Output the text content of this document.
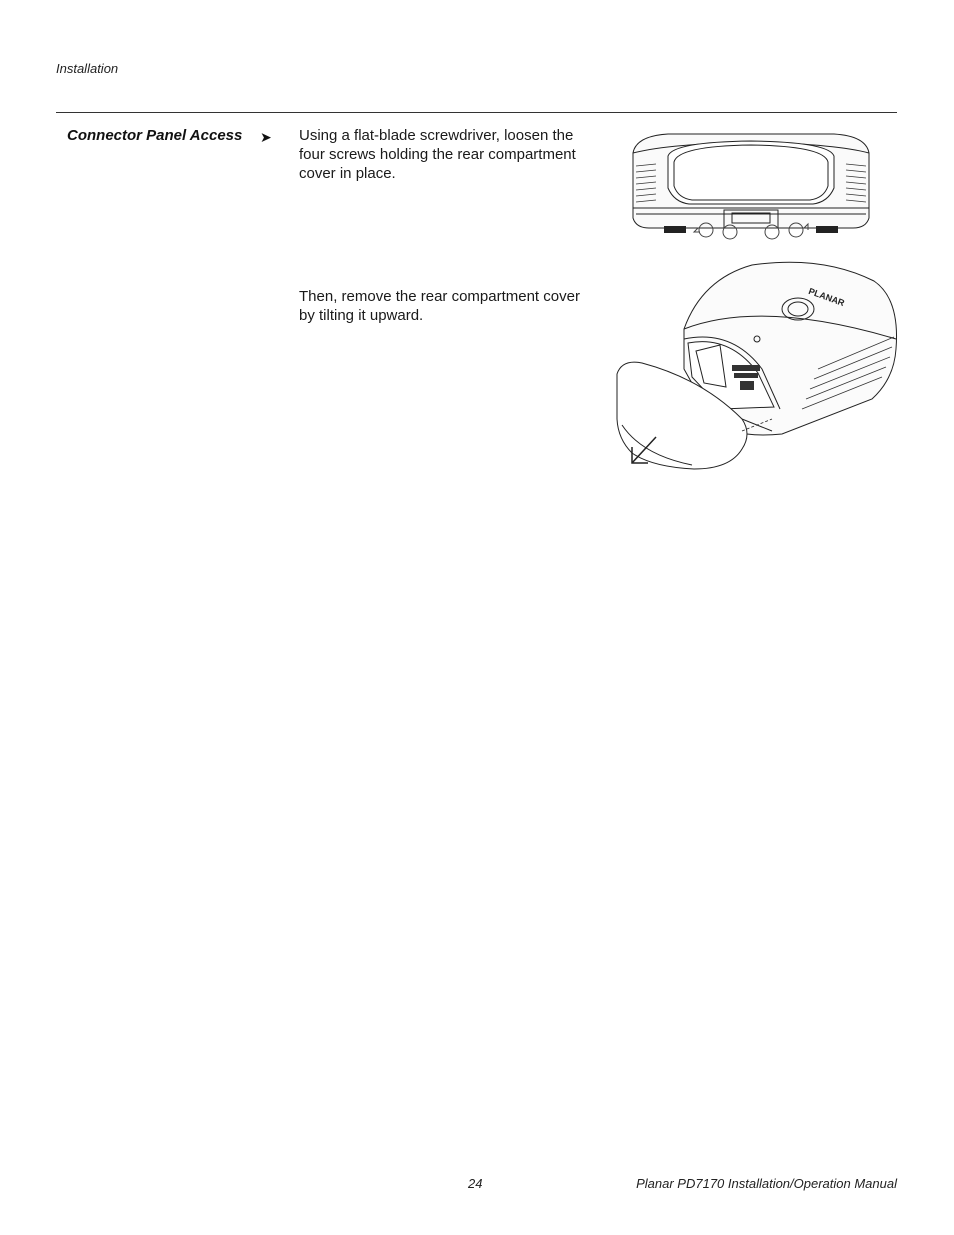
Installation
Connector Panel Access ➤ Using a flat-blade screwdriver, loosen the four screws holding the rear compartment cover in place.
Then, remove the rear compartment cover by tilting it upward.
PLANAR
24	Planar PD7170 Installation/Operation Manual
